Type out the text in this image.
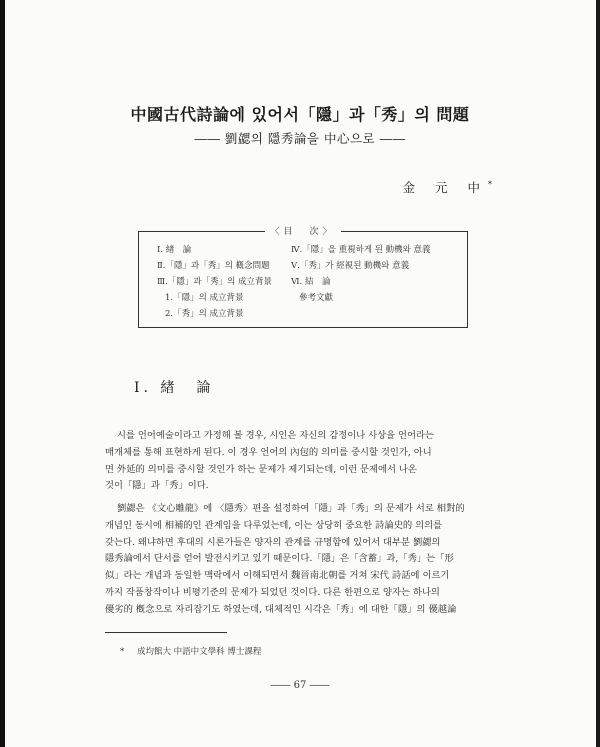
中國古代詩論에 있어서「隱」과「秀」의 問題
―― 劉勰의 隱秀論을 中心으로 ――
金 元 中*
〈目　次〉
Ⅰ. 緖　論
Ⅱ.「隱」과「秀」의 槪念問題
Ⅲ.「隱」과「秀」의 成立背景
1.「隱」의 成立背景
2.「秀」의 成立背景
Ⅳ.「隱」을 重視하게 된 動機와 意義
Ⅴ.「秀」가 經視된 動機와 意義
Ⅵ. 結　論
參考文獻
Ⅰ. 緖　論
시를 언어예술이라고 가정해 볼 경우, 시인은 자신의 감정이나 사상을 언어라는
매개체를 통해 표현하게 된다. 이 경우 언어의 內包的 의미를 중시할 것인가, 아니
면 外延的 의미를 중시할 것인가 하는 문제가 제기되는데, 이런 문제에서 나온
것이「隱」과「秀」이다.
劉勰은 《文心雕龍》에 〈隱秀〉편을 설정하여「隱」과「秀」의 문제가 서로 相對的
개념인 동시에 相補的인 관계임을 다루었는데, 이는 상당히 중요한 詩論史的 의의를
갖는다. 왜냐하면 후대의 시론가들은 양자의 관계를 규명함에 있어서 대부분 劉勰의
隱秀論에서 단서를 얻어 발전시키고 있기 때문이다.「隱」은「含蓄」과,「秀」는「形
似」라는 개념과 동일한 맥락에서 이해되면서 魏晉南北朝를 거쳐 宋代 詩話에 이르기
까지 작품창작이나 비평기준의 문제가 되었던 것이다. 다른 한편으로 양자는 하나의
優劣的 槪念으로 자리잡기도 하였는데, 대체적인 시각은「秀」에 대한「隱」의 優越論
* 成均館大 中語中文學科 博士課程
―― 67 ――
